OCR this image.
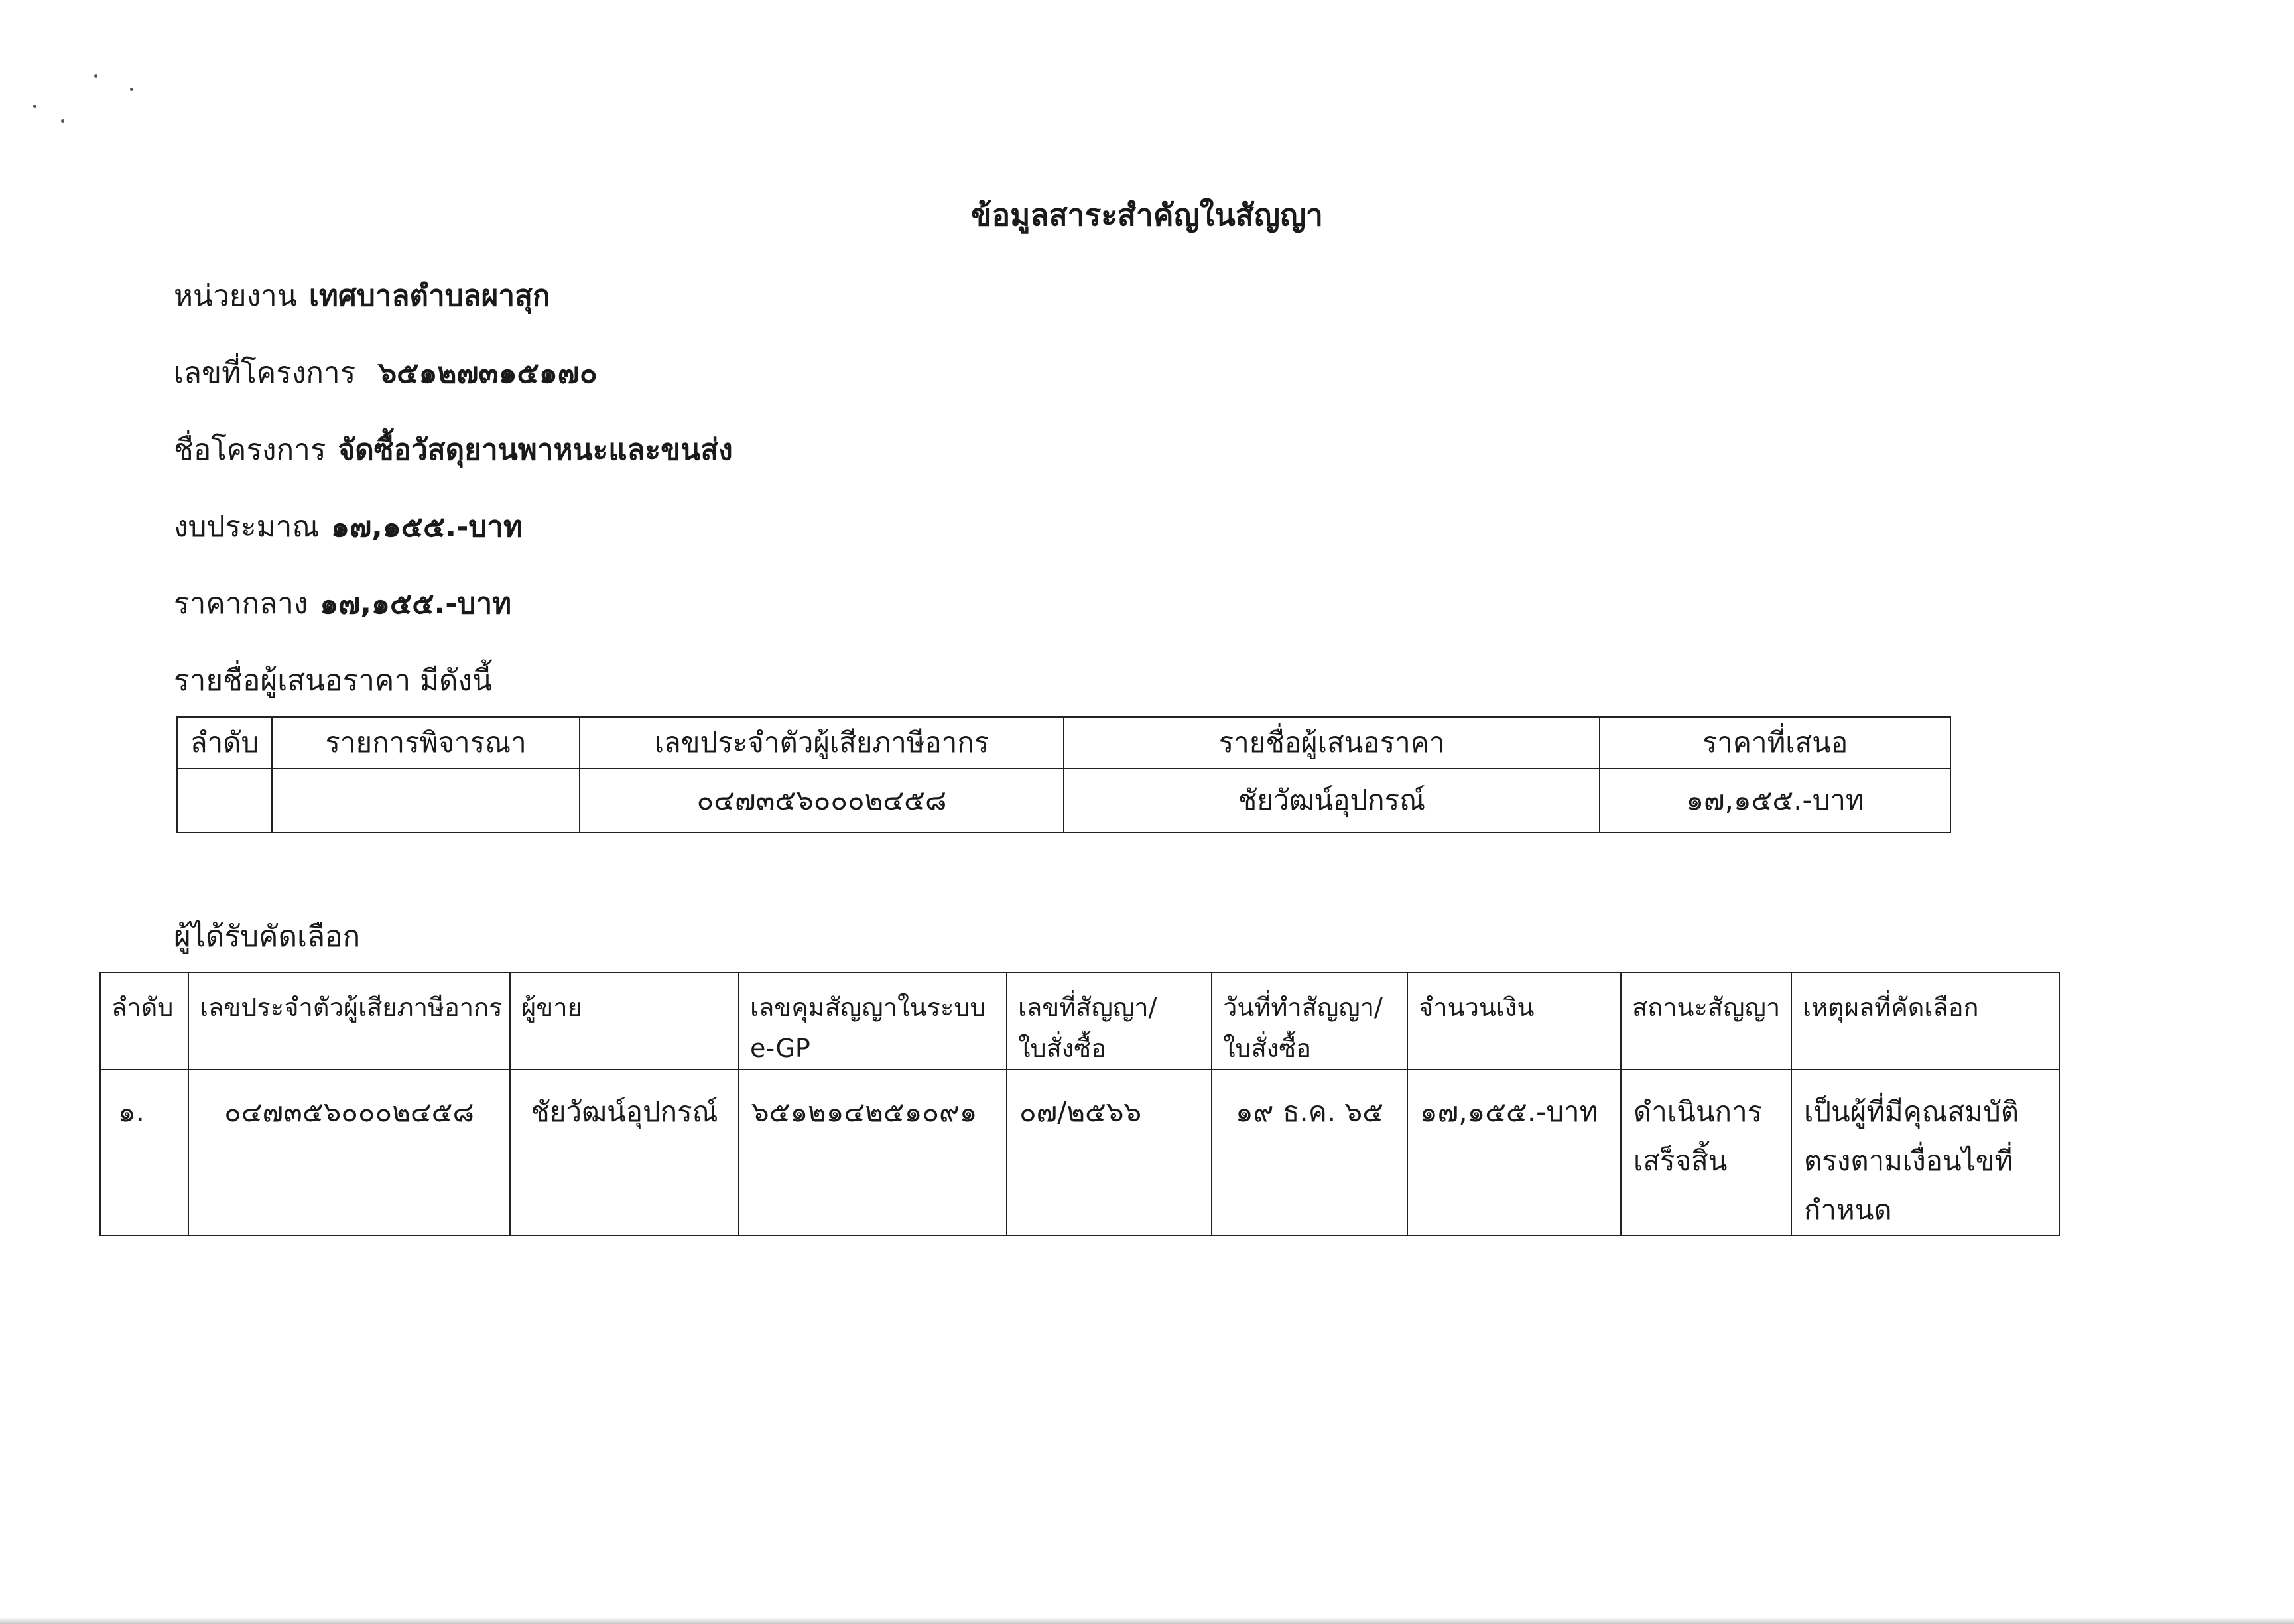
ข้อมูลสาระสำคัญในสัญญา
หน่วยงาน เทศบาลตำบลผาสุก
เลขที่โครงการ ๖๕๑๒๗๓๑๕๑๗๐
ชื่อโครงการ จัดซื้อวัสดุยานพาหนะและขนส่ง
งบประมาณ ๑๗,๑๕๕.-บาท
ราคากลาง ๑๗,๑๕๕.-บาท
รายชื่อผู้เสนอราคา มีดังนี้
ลำดับ	รายการพิจารณา	เลขประจำตัวผู้เสียภาษีอากร	รายชื่อผู้เสนอราคา	ราคาที่เสนอ
		๐๔๗๓๕๖๐๐๐๒๔๕๘	ชัยวัฒน์อุปกรณ์	๑๗,๑๕๕.-บาท
ผู้ได้รับคัดเลือก
ลำดับ	เลขประจำตัวผู้เสียภาษีอากร	ผู้ขาย	เลขคุมสัญญาในระบบ
e-GP	เลขที่สัญญา/
ใบสั่งซื้อ	วันที่ทำสัญญา/
ใบสั่งซื้อ	จำนวนเงิน	สถานะสัญญา	เหตุผลที่คัดเลือก
๑.	๐๔๗๓๕๖๐๐๐๒๔๕๘	ชัยวัฒน์อุปกรณ์	๖๕๑๒๑๔๒๕๑๐๙๑	๐๗/๒๕๖๖	๑๙ ธ.ค. ๖๕	๑๗,๑๕๕.-บาท	ดำเนินการ
เสร็จสิ้น	เป็นผู้ที่มีคุณสมบัติ
ตรงตามเงื่อนไขที่
กำหนด
